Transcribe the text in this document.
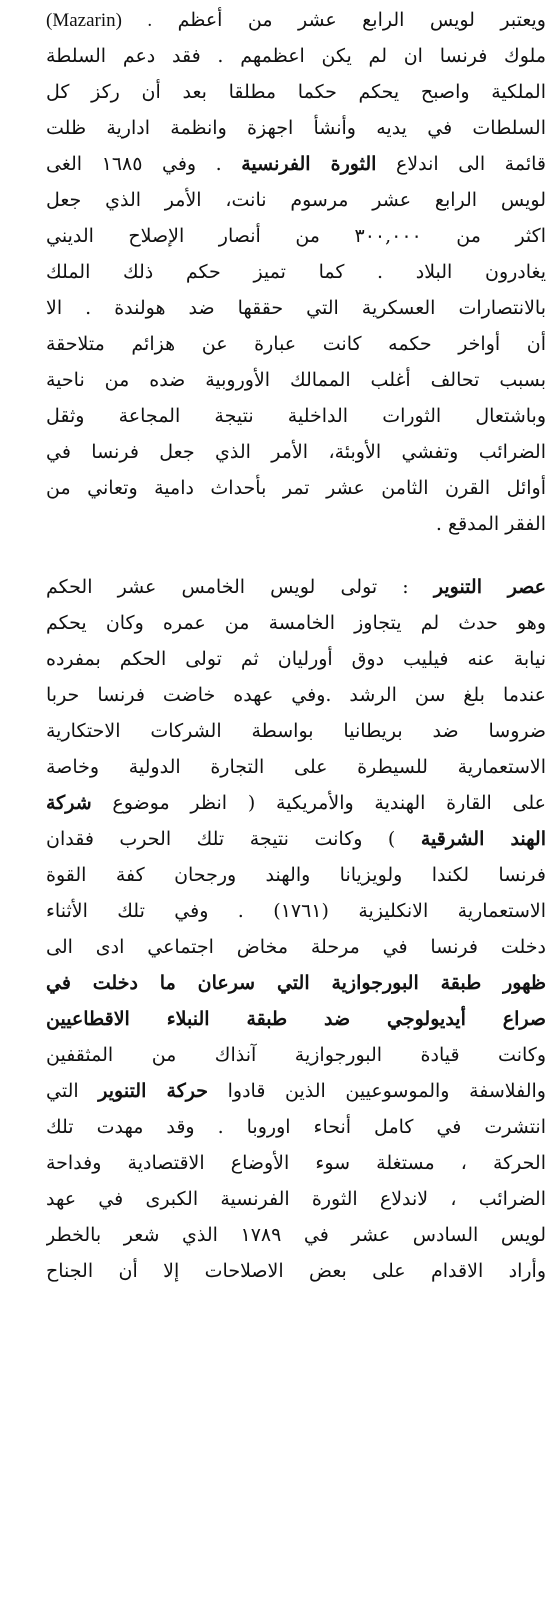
(Mazarin) . ويعتبر لويس الرابع عشر من أعظم
ملوك فرنسا ان لم يكن اعظمهم . فقد دعم السلطة
الملكية واصبح يحكم حكما مطلقا بعد أن ركز كل
السلطات في يديه وأنشأ اجهزة وانظمة ادارية ظلت
قائمة الى اندلاع الثورة الفرنسية . وفي ١٦٨٥ الغى
لويس الرابع عشر مرسوم نانت، الأمر الذي جعل
اكثر من ٣٠٠,٠٠٠ من أنصار الإصلاح الديني
يغادرون البلاد . كما تميز حكم ذلك الملك
بالانتصارات العسكرية التي حققها ضد هولندة . الا
أن أواخر حكمه كانت عبارة عن هزائم متلاحقة
بسبب تحالف أغلب الممالك الأوروبية ضده من ناحية
وباشتعال الثورات الداخلية نتيجة المجاعة وثقل
الضرائب وتفشي الأوبئة، الأمر الذي جعل فرنسا في
أوائل القرن الثامن عشر تمر بأحداث دامية وتعاني من
الفقر المدقع .
عصر التنوير : تولى لويس الخامس عشر الحكم
وهو حدث لم يتجاوز الخامسة من عمره وكان يحكم
نيابة عنه فيليب دوق أورليان ثم تولى الحكم بمفرده
عندما بلغ سن الرشد .وفي عهده خاضت فرنسا حربا
ضروسا ضد بريطانيا بواسطة الشركات الاحتكارية
الاستعمارية للسيطرة على التجارة الدولية وخاصة
على القارة الهندية والأمريكية ( انظر موضوع شركة
الهند الشرقية ) وكانت نتيجة تلك الحرب فقدان
فرنسا لكندا ولويزيانا والهند ورجحان كفة القوة
الاستعمارية الانكليزية (١٧٦١) . وفي تلك الأثناء
دخلت فرنسا في مرحلة مخاض اجتماعي ادى الى
ظهور طبقة البورجوازية التي سرعان ما دخلت في
صراع أيديولوجي ضد طبقة النبلاء الاقطاعيين
وكانت قيادة البورجوازية آنذاك من المثقفين
والفلاسفة والموسوعيين الذين قادوا حركة التنوير التي
انتشرت في كامل أنحاء اوروبا . وقد مهدت تلك
الحركة ، مستغلة سوء الأوضاع الاقتصادية وفداحة
الضرائب ، لاندلاع الثورة الفرنسية الكبرى في عهد
لويس السادس عشر في ١٧٨٩ الذي شعر بالخطر
وأراد الاقدام على بعض الاصلاحات إلا أن الجناح
